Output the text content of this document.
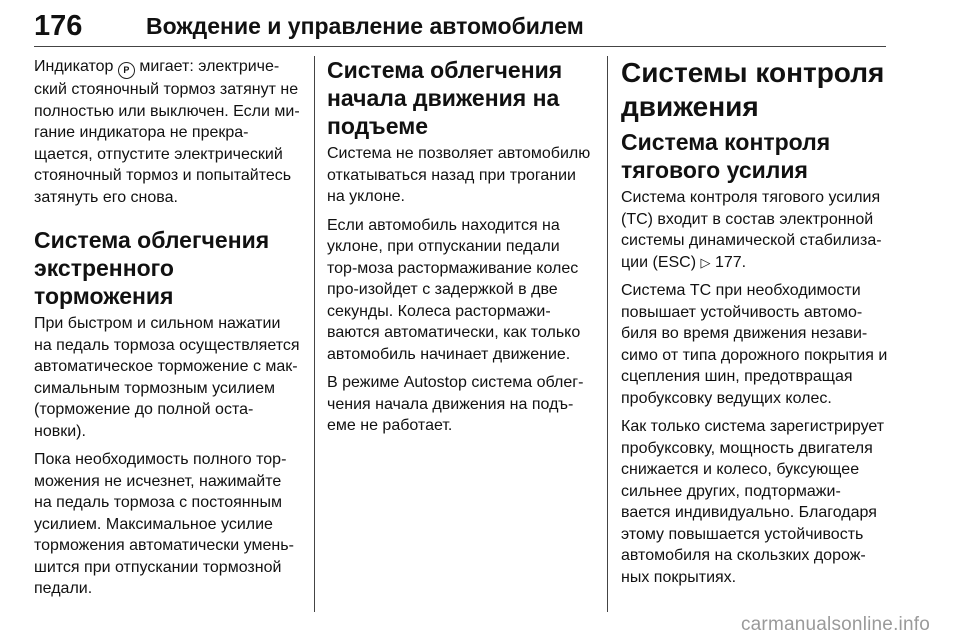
176	Вождение и управление автомобилем

Индикатор P мигает: электриче-ский стояночный тормоз затянут не полностью или выключен. Если ми-гание индикатора не прекра-щается, отпустите электрический стояночный тормоз и попытайтесь затянуть его снова.

Система облегчения экстренного торможения

При быстром и сильном нажатии на педаль тормоза осуществляется автоматическое торможение с мак-симальным тормозным усилием (торможение до полной оста-новки).

Пока необходимость полного тор-можения не исчезнет, нажимайте на педаль тормоза с постоянным усилием. Максимальное усилие торможения автоматически умень-шится при отпускании тормозной педали.

Система облегчения начала движения на подъеме

Система не позволяет автомобилю откатываться назад при трогании на уклоне.

Если автомобиль находится на уклоне, при отпускании педали тор-моза растормаживание колес про-изойдет с задержкой в две секунды. Колеса растормажи-ваются автоматически, как только автомобиль начинает движение.

В режиме Autostop система облег-чения начала движения на подъ-еме не работает.

Системы контроля движения
Система контроля тягового усилия

Система контроля тягового усилия (TC) входит в состав электронной системы динамической стабилиза-ции (ESC) ▷ 177.

Система TC при необходимости повышает устойчивость автомо-биля во время движения незави-симо от типа дорожного покрытия и сцепления шин, предотвращая пробуксовку ведущих колес.

Как только система зарегистрирует пробуксовку, мощность двигателя снижается и колесо, буксующее сильнее других, подтормажи-вается индивидуально. Благодаря этому повышается устойчивость автомобиля на скользких дорож-ных покрытиях.

carmanualsonline.info
